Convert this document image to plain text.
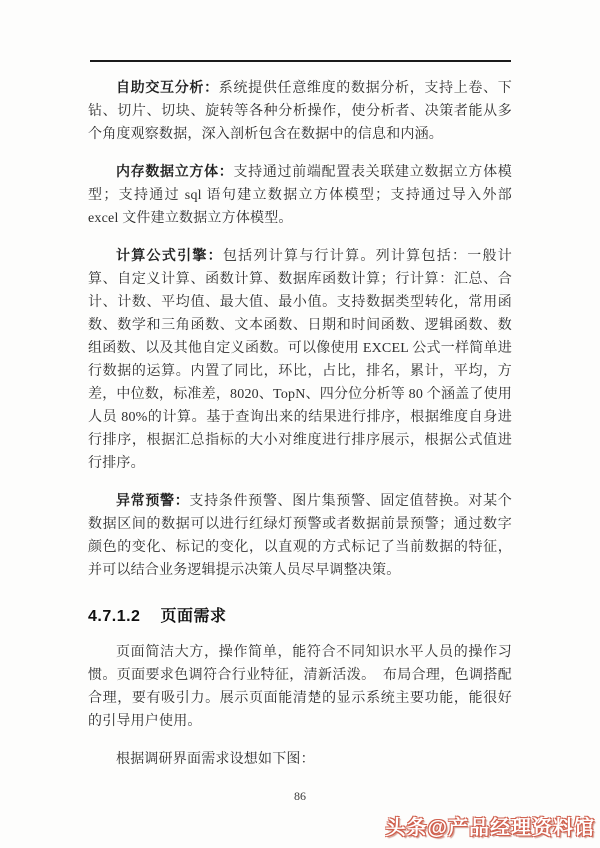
自助交互分析：系统提供任意维度的数据分析，支持上卷、下钻、切片、切块、旋转等各种分析操作，使分析者、决策者能从多个角度观察数据，深入剖析包含在数据中的信息和内涵。

内存数据立方体：支持通过前端配置表关联建立数据立方体模型；支持通过 sql 语句建立数据立方体模型；支持通过导入外部 excel 文件建立数据立方体模型。

计算公式引擎：包括列计算与行计算。列计算包括：一般计算、自定义计算、函数计算、数据库函数计算；行计算：汇总、合计、计数、平均值、最大值、最小值。支持数据类型转化，常用函数、数学和三角函数、文本函数、日期和时间函数、逻辑函数、数组函数、以及其他自定义函数。可以像使用 EXCEL 公式一样简单进行数据的运算。内置了同比，环比，占比，排名，累计，平均，方差，中位数，标准差，8020、TopN、四分位分析等 80 个涵盖了使用人员 80%的计算。基于查询出来的结果进行排序，根据维度自身进行排序，根据汇总指标的大小对维度进行排序展示，根据公式值进行排序。

异常预警：支持条件预警、图片集预警、固定值替换。对某个数据区间的数据可以进行红绿灯预警或者数据前景预警；通过数字颜色的变化、标记的变化，以直观的方式标记了当前数据的特征，并可以结合业务逻辑提示决策人员尽早调整决策。

4.7.1.2 页面需求

页面简洁大方，操作简单，能符合不同知识水平人员的操作习惯。页面要求色调符合行业特征，清新活泼。　布局合理，色调搭配合理，要有吸引力。展示页面能清楚的显示系统主要功能，能很好的引导用户使用。

根据调研界面需求设想如下图：

86
头条@产品经理资料馆
